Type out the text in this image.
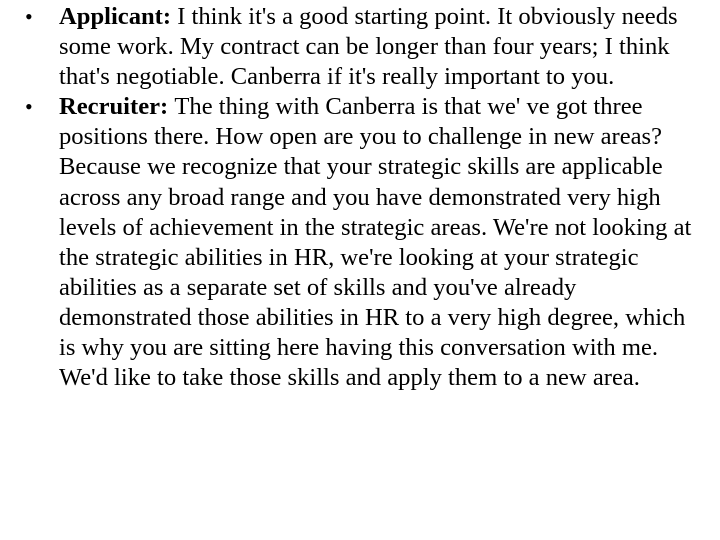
•	Applicant: I think it's a good starting point. It obviously needs some work. My contract can be longer than four years; I think that's negotiable. Canberra if it's really important to you.
•	Recruiter: The thing with Canberra is that we' ve got three positions there. How open are you to challenge in new areas? Because we recognize that your strategic skills are applicable across any broad range and you have demonstrated very high levels of achievement in the strategic areas. We're not looking at the strategic abilities in HR, we're looking at your strategic abilities as a separate set of skills and you've already demonstrated those abilities in HR to a very high degree, which is why you are sitting here having this conversation with me. We'd like to take those skills and apply them to a new area.
